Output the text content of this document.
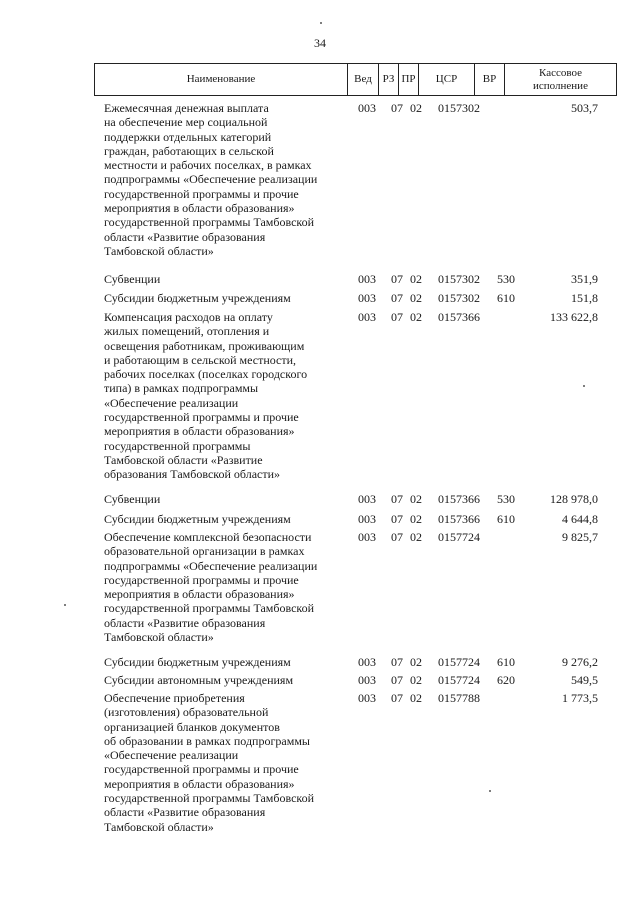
34
Наименование	Вед	РЗ	ПР	ЦСР	ВР	
Кассовое
исполнение
Ежемесячная денежная выплата
на обеспечение мер социальной
поддержки отдельных категорий
граждан, работающих в сельской
местности и рабочих поселках, в рамках
подпрограммы «Обеспечение реализации
государственной программы и прочие
мероприятия в области образования»
государственной программы Тамбовской
области «Развитие образования
Тамбовской области»
003 07 02 0157302	503,7
Субвенции	003 07 02 0157302 530	351,9
Субсидии бюджетным учреждениям	003 07 02 0157302 610	151,8
Компенсация расходов на оплату
жилых помещений, отопления и
освещения работникам, проживающим
и работающим в сельской местности,
рабочих поселках (поселках городского
типа) в рамках подпрограммы
«Обеспечение реализации
государственной программы и прочие
мероприятия в области образования»
государственной программы
Тамбовской области «Развитие
образования Тамбовской области»
003 07 02 0157366	133 622,8
Субвенции	003 07 02 0157366 530	128 978,0
Субсидии бюджетным учреждениям	003 07 02 0157366 610	4 644,8
Обеспечение комплексной безопасности
образовательной организации в рамках
подпрограммы «Обеспечение реализации
государственной программы и прочие
мероприятия в области образования»
государственной программы Тамбовской
области «Развитие образования
Тамбовской области»
003 07 02 0157724	9 825,7
Субсидии бюджетным учреждениям	003 07 02 0157724 610	9 276,2
Субсидии автономным учреждениям	003 07 02 0157724 620	549,5
Обеспечение приобретения
(изготовления) образовательной
организацией бланков документов
об образовании в рамках подпрограммы
«Обеспечение реализации
государственной программы и прочие
мероприятия в области образования»
государственной программы Тамбовской
области «Развитие образования
Тамбовской области»
003 07 02 0157788	1 773,5
